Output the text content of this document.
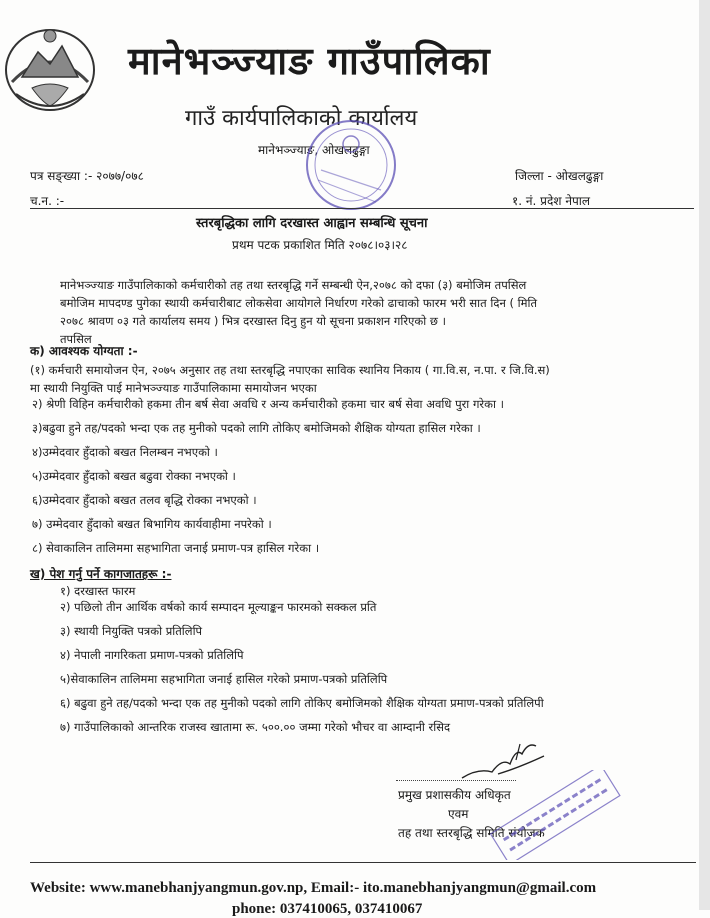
मानेभञ्ज्याङ गाउँपालिका
गाउँ कार्यपालिकाको कार्यालय
मानेभञ्ज्याङ, ओखलढुङ्गा
पत्र सङ्ख्या :- २०७७/०७८
च.न. :-
जिल्ला - ओखलढुङ्गा
१. नं. प्रदेश नेपाल
स्तरबृद्धिका लागि दरखास्त आह्वान सम्बन्धि सूचना
प्रथम पटक प्रकाशित मिति २०७८।०३।२८
मानेभञ्ज्याङ गाउँपालिकाको कर्मचारीको तह तथा स्तरबृद्धि गर्ने सम्बन्धी ऐन,२०७८ को दफा (३) बमोजिम तपसिल
बमोजिम मापदण्ड पुगेका स्थायी कर्मचारीबाट लोकसेवा आयोगले निर्धारण गरेको ढाचाको फारम भरी सात दिन ( मिति
२०७८ श्रावण ०३ गते कार्यालय समय ) भित्र दरखास्त दिनु हुन यो सूचना प्रकाशन गरिएको छ ।
तपसिल
क) आवश्यक योग्यता :-
(१) कर्मचारी समायोजन ऐन, २०७५ अनुसार तह तथा स्तरबृद्धि नपाएका साविक स्थानिय निकाय ( गा.वि.स, न.पा. र जि.वि.स)
मा स्थायी नियुक्ति पाई मानेभञ्ज्याङ गाउँपालिकामा समायोजन भएका
२) श्रेणी विहिन कर्मचारीको हकमा तीन बर्ष सेवा अवधि र अन्य कर्मचारीको हकमा चार बर्ष सेवा अवधि पुरा गरेका ।
३)बढुवा हुने तह/पदको भन्दा एक तह मुनीको पदको लागि तोकिए बमोजिमको शैक्षिक योग्यता हासिल गरेका ।
४)उम्मेदवार हुँदाको बखत निलम्बन नभएको ।
५)उम्मेदवार हुँदाको बखत बढुवा रोक्का नभएको ।
६)उम्मेदवार हुँदाको बखत तलव बृद्धि रोक्का नभएको ।
७) उम्मेदवार हुँदाको बखत बिभागिय कार्यवाहीमा नपरेको ।
८) सेवाकालिन तालिममा सहभागिता जनाई प्रमाण-पत्र हासिल गरेका ।
ख) पेश गर्नु पर्ने कागजातहरू :-
१) दरखास्त फारम
२) पछिलो तीन आर्थिक वर्षको कार्य सम्पादन मूल्याङ्कन फारमको सक्कल प्रति
३) स्थायी नियुक्ति पत्रको प्रतिलिपि
४) नेपाली नागरिकता प्रमाण-पत्रको प्रतिलिपि
५)सेवाकालिन तालिममा सहभागिता जनाई हासिल गरेको प्रमाण-पत्रको प्रतिलिपि
६) बढुवा हुने तह/पदको भन्दा एक तह मुनीको पदको लागि तोकिए बमोजिमको शैक्षिक योग्यता प्रमाण-पत्रको प्रतिलिपी
७) गाउँपालिकाको आन्तरिक राजस्व खातामा रू. ५००.०० जम्मा गरेको भौचर वा आम्दानी रसिद
प्रमुख प्रशासकीय अधिकृत
एवम
तह तथा स्तरबृद्धि समिति संयोजक
Website: www.manebhanjyangmun.gov.np, Email:- ito.manebhanjyangmun@gmail.com
phone: 037410065, 037410067
